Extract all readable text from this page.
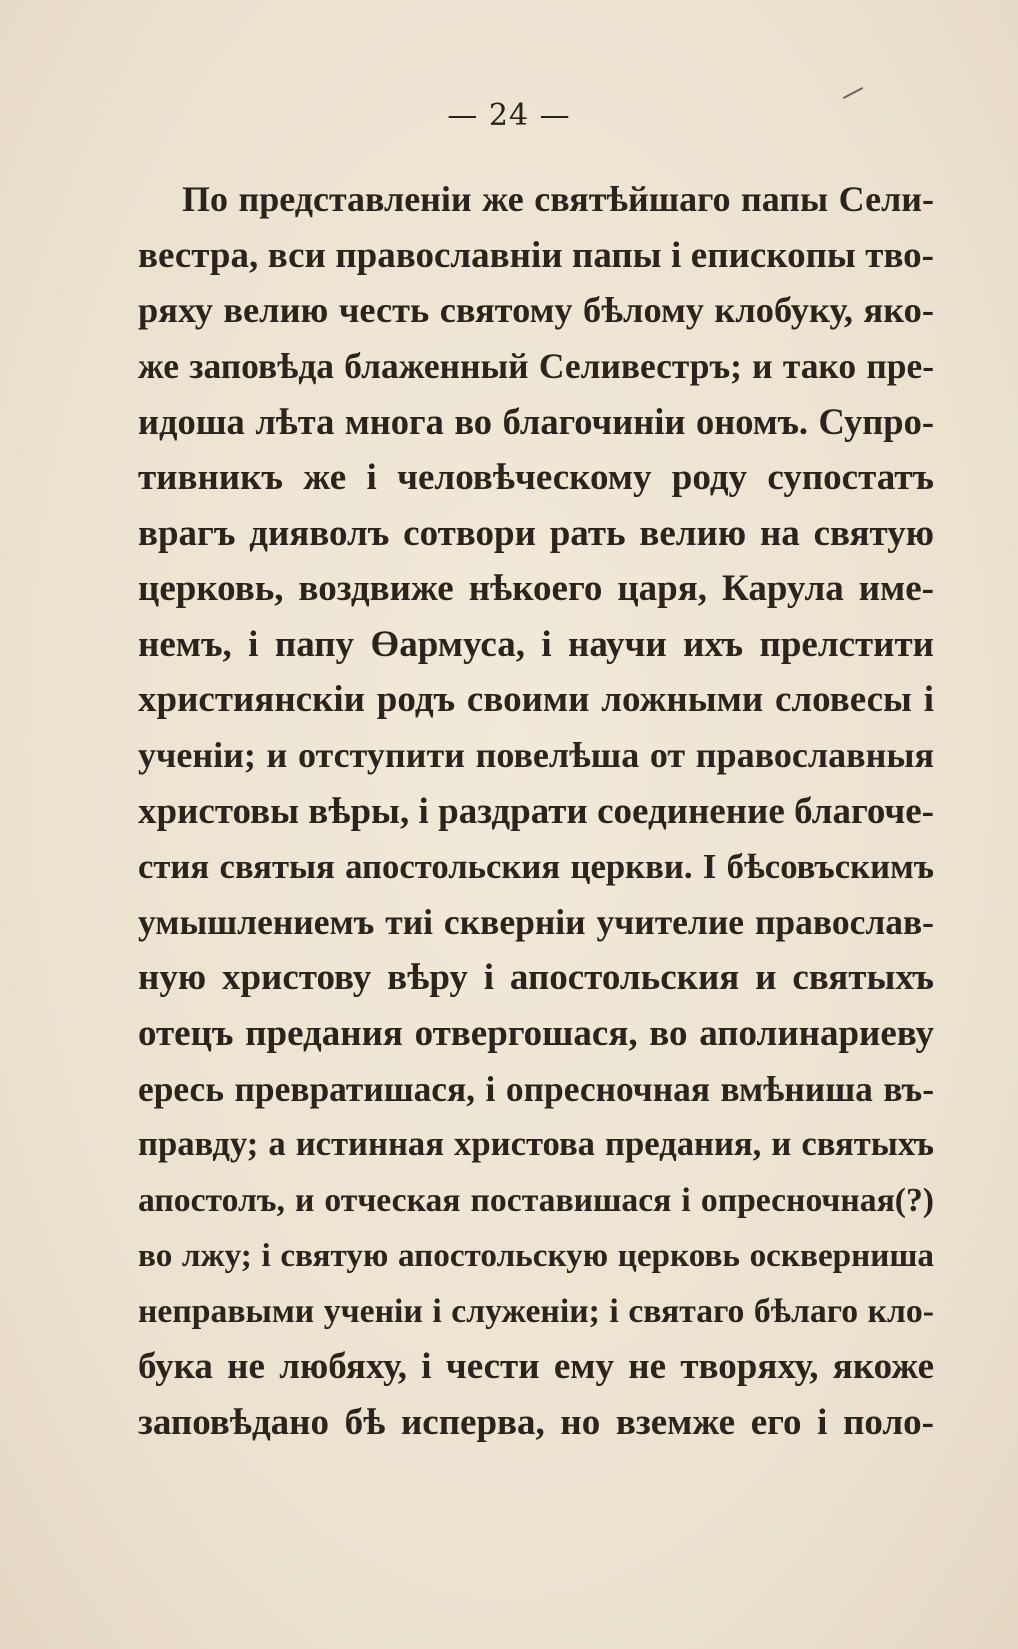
— 24 —
По представленiи же святѣйшаго папы Сели-
вестра, вси православнiи папы і епископы тво-
ряху велию честь святому бѣлому клобуку, яко-
же заповѣда блаженный Селивестръ; и тако пре-
идоша лѣта многа во благочинiи ономъ. Супро-
тивникъ же і человѣческому роду супостатъ
врагъ дияволъ сотвори рать велию на святую
церковь, воздвиже нѣкоего царя, Карула име-
немъ, і папу Өармуса, і научи ихъ прелстити
християнскiи родъ своими ложными словесы і
ученiи; и отступити повелѣша от православныя
христовы вѣры, і раздрати соединение благоче-
стия святыя апостольския церкви. І бѣсовъскимъ
умышлениемъ тиі сквернiи учителие православ-
ную христову вѣру і апостольския и святыхъ
отецъ предания отвергошася, во аполинариеву
ересь превратишася, і опресночная вмѣниша въ-
правду; а истинная христова предания, и святыхъ
апостолъ, и отческая поставишася і опресночная(?)
во лжу; і святую апостольскую церковь оскверниша
неправыми ученiи і служенiи; і святаго бѣлаго кло-
бука не любяху, і чести ему не творяху, якоже
заповѣдано бѣ исперва, но вземже его і поло-
